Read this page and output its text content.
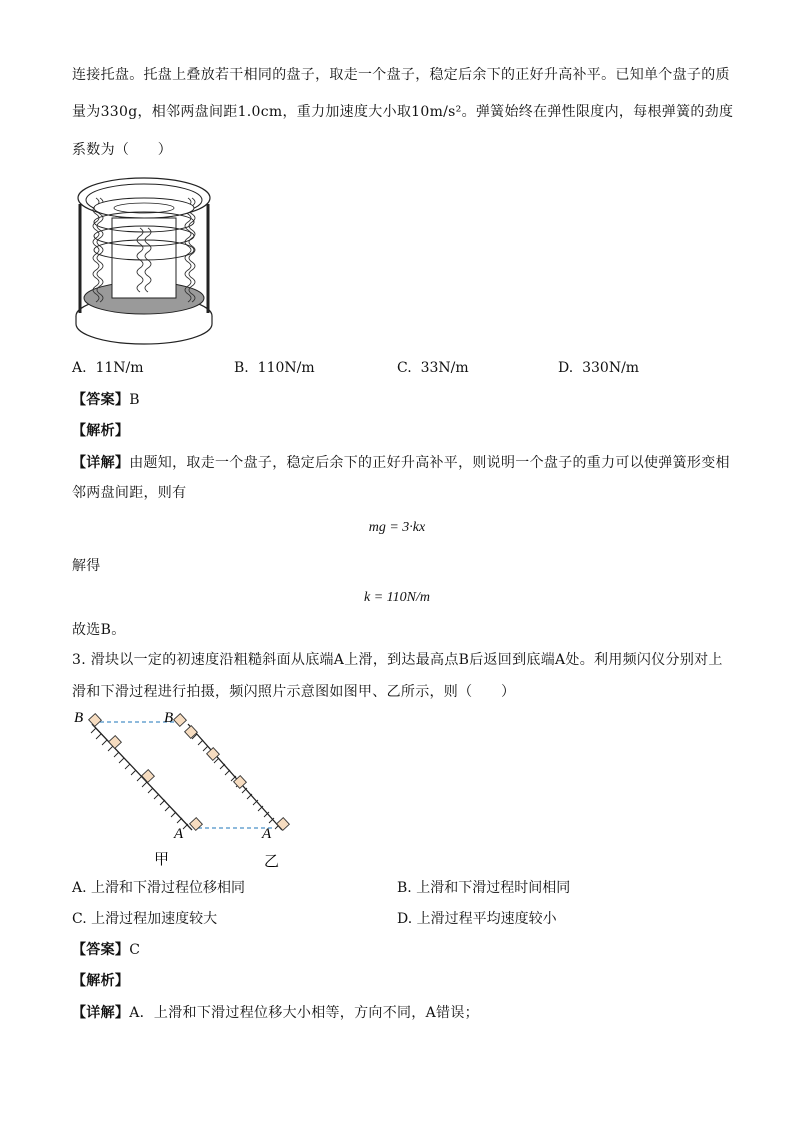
连接托盘。托盘上叠放若干相同的盘子，取走一个盘子，稳定后余下的正好升高补平。已知单个盘子的质
量为330g，相邻两盘间距1.0cm，重力加速度大小取10m/s²。弹簧始终在弹性限度内，每根弹簧的劲度
系数为（　　）
A. 11N/m	B. 110N/m	C. 33N/m	D. 330N/m
【答案】B
【解析】
【详解】由题知，取走一个盘子，稳定后余下的正好升高补平，则说明一个盘子的重力可以使弹簧形变相
邻两盘间距，则有
mg = 3·kx
解得
k = 110N/m
故选B。
3. 滑块以一定的初速度沿粗糙斜面从底端A上滑，到达最高点B后返回到底端A处。利用频闪仪分别对上
滑和下滑过程进行拍摄，频闪照片示意图如图甲、乙所示，则（　　）
B	B
A	A
甲	乙
A. 上滑和下滑过程位移相同	B. 上滑和下滑过程时间相同
C. 上滑过程加速度较大	D. 上滑过程平均速度较小
【答案】C
【解析】
【详解】A．上滑和下滑过程位移大小相等，方向不同，A错误；
